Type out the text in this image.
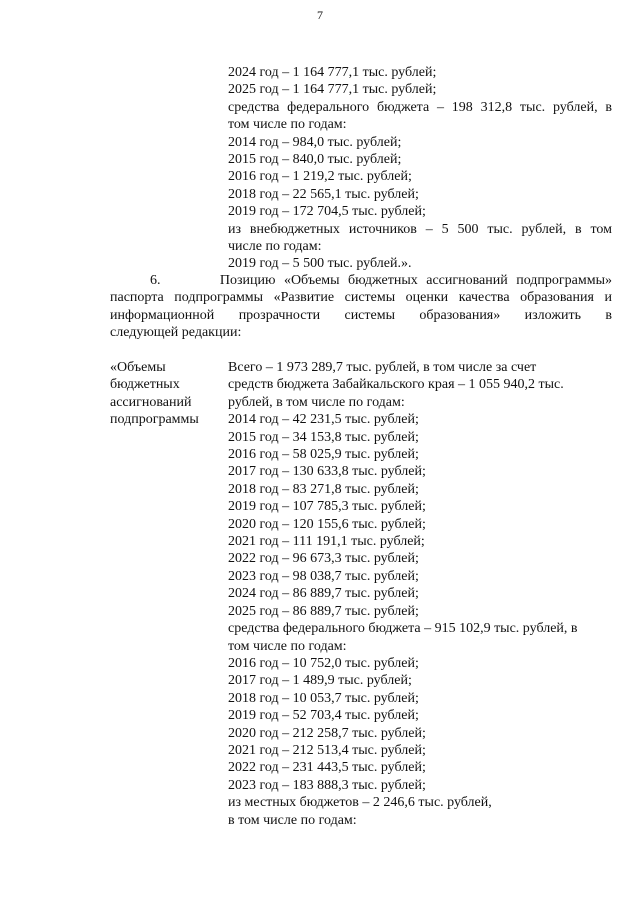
7
2024 год – 1 164 777,1 тыс. рублей;
2025 год – 1 164 777,1 тыс. рублей;
средства федерального бюджета – 198 312,8 тыс. рублей, в
том числе по годам:
2014 год – 984,0 тыс. рублей;
2015 год – 840,0 тыс. рублей;
2016 год – 1 219,2 тыс. рублей;
2018 год – 22 565,1 тыс. рублей;
2019 год – 172 704,5 тыс. рублей;
из внебюджетных источников – 5 500 тыс. рублей, в том
числе по годам:
2019 год – 5 500 тыс. рублей.».
6.       Позицию «Объемы бюджетных ассигнований подпрограммы»
паспорта подпрограммы «Развитие системы оценки качества образования и
информационной прозрачности системы образования» изложить в
следующей редакции:
«Объемы
бюджетных
ассигнований
подпрограммы
Всего – 1 973 289,7 тыс. рублей, в том числе за счет
средств бюджета Забайкальского края – 1 055 940,2 тыс.
рублей, в том числе по годам:
2014 год – 42 231,5 тыс. рублей;
2015 год – 34 153,8 тыс. рублей;
2016 год – 58 025,9 тыс. рублей;
2017 год – 130 633,8 тыс. рублей;
2018 год – 83 271,8 тыс. рублей;
2019 год – 107 785,3 тыс. рублей;
2020 год – 120 155,6 тыс. рублей;
2021 год – 111 191,1 тыс. рублей;
2022 год – 96 673,3 тыс. рублей;
2023 год – 98 038,7 тыс. рублей;
2024 год – 86 889,7 тыс. рублей;
2025 год – 86 889,7 тыс. рублей;
средства федерального бюджета – 915 102,9 тыс. рублей, в
том числе по годам:
2016 год – 10 752,0 тыс. рублей;
2017 год – 1 489,9 тыс. рублей;
2018 год – 10 053,7 тыс. рублей;
2019 год – 52 703,4 тыс. рублей;
2020 год – 212 258,7 тыс. рублей;
2021 год – 212 513,4 тыс. рублей;
2022 год – 231 443,5 тыс. рублей;
2023 год – 183 888,3 тыс. рублей;
из местных бюджетов – 2 246,6 тыс. рублей,
в том числе по годам:
